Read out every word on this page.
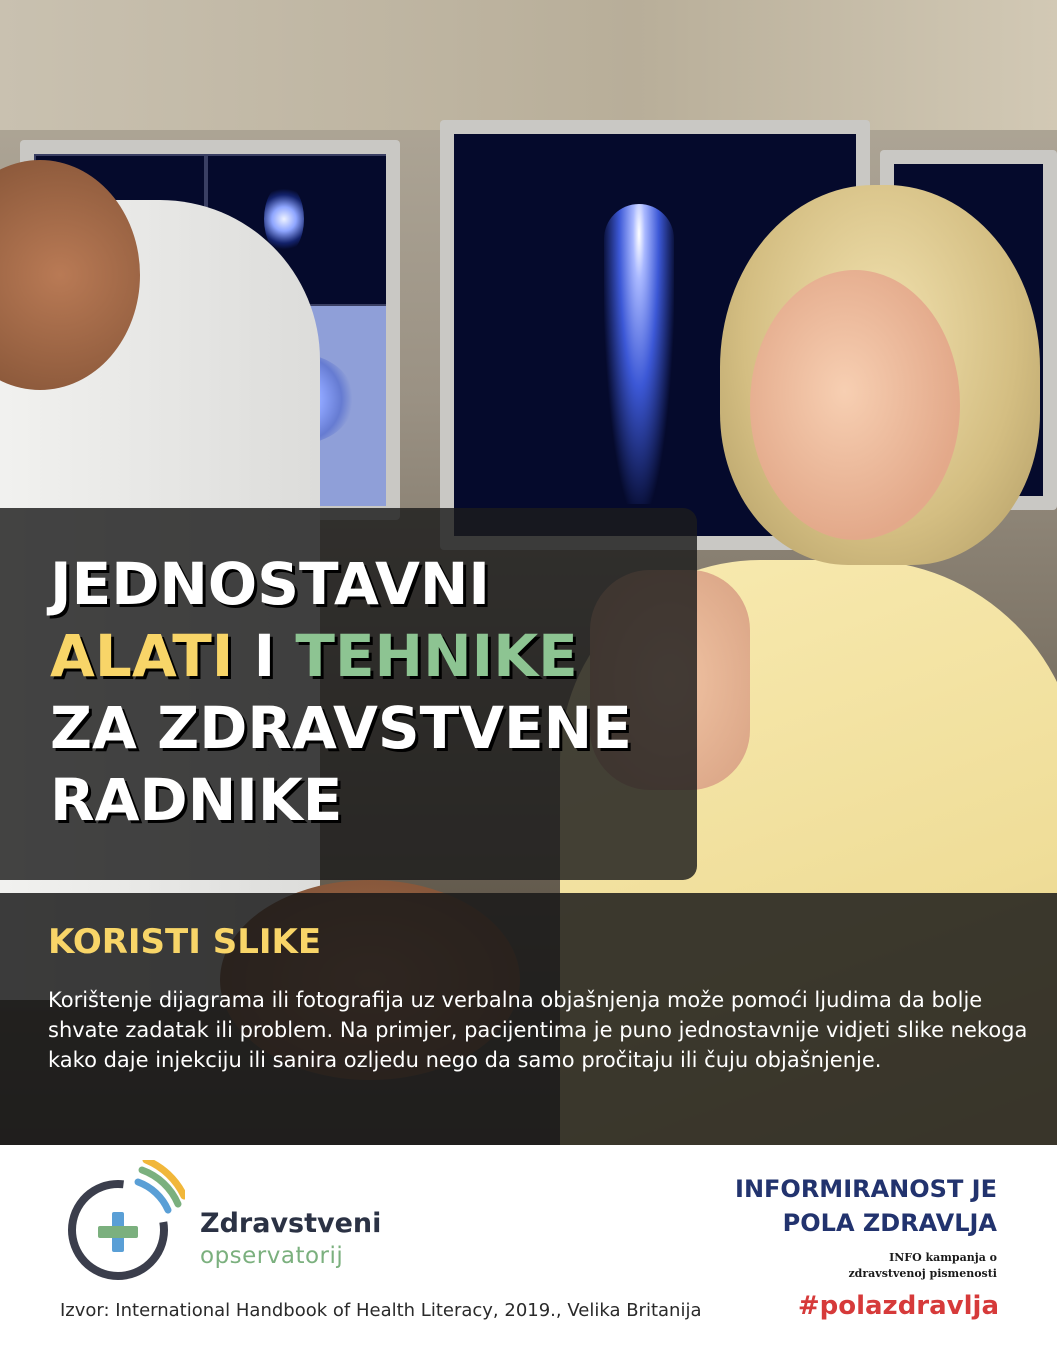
JEDNOSTAVNI
ALATI I TEHNIKE
ZA ZDRAVSTVENE
RADNIKE
KORISTI SLIKE

Korištenje dijagrama ili fotografija uz verbalna objašnjenja može pomoći ljudima da bolje shvate zadatak ili problem. Na primjer, pacijentima je puno jednostavnije vidjeti slike nekoga kako daje injekciju ili sanira ozljedu nego da samo pročitaju ili čuju objašnjenje.

Zdravstveni

opservatorij

INFORMIRANOST JE
POLA ZDRAVLJA

INFO kampanja o
zdravstvenoj pismenosti

Izvor: International Handbook of Health Literacy, 2019., Velika Britanija	#polazdravlja
